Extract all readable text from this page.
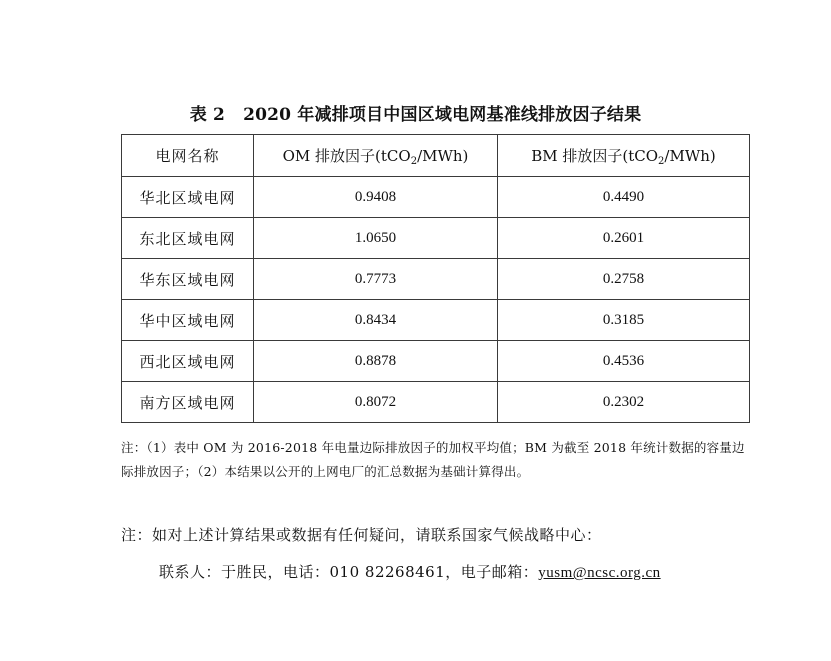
表 2 2020 年减排项目中国区域电网基准线排放因子结果
电网名称	OM 排放因子(tCO$_2$/MWh)	BM 排放因子(tCO$_2$/MWh)
华北区域电网	0.9408	0.4490
东北区域电网	1.0650	0.2601
华东区域电网	0.7773	0.2758
华中区域电网	0.8434	0.3185
西北区域电网	0.8878	0.4536
南方区域电网	0.8072	0.2302
注：（1）表中 OM 为 2016-2018 年电量边际排放因子的加权平均值；BM 为截至 2018 年统计数据的容量边
际排放因子；（2）本结果以公开的上网电厂的汇总数据为基础计算得出。
注：如对上述计算结果或数据有任何疑问，请联系国家气候战略中心：
联系人：于胜民，电话：010 82268461，电子邮箱：yusm@ncsc.org.cn
